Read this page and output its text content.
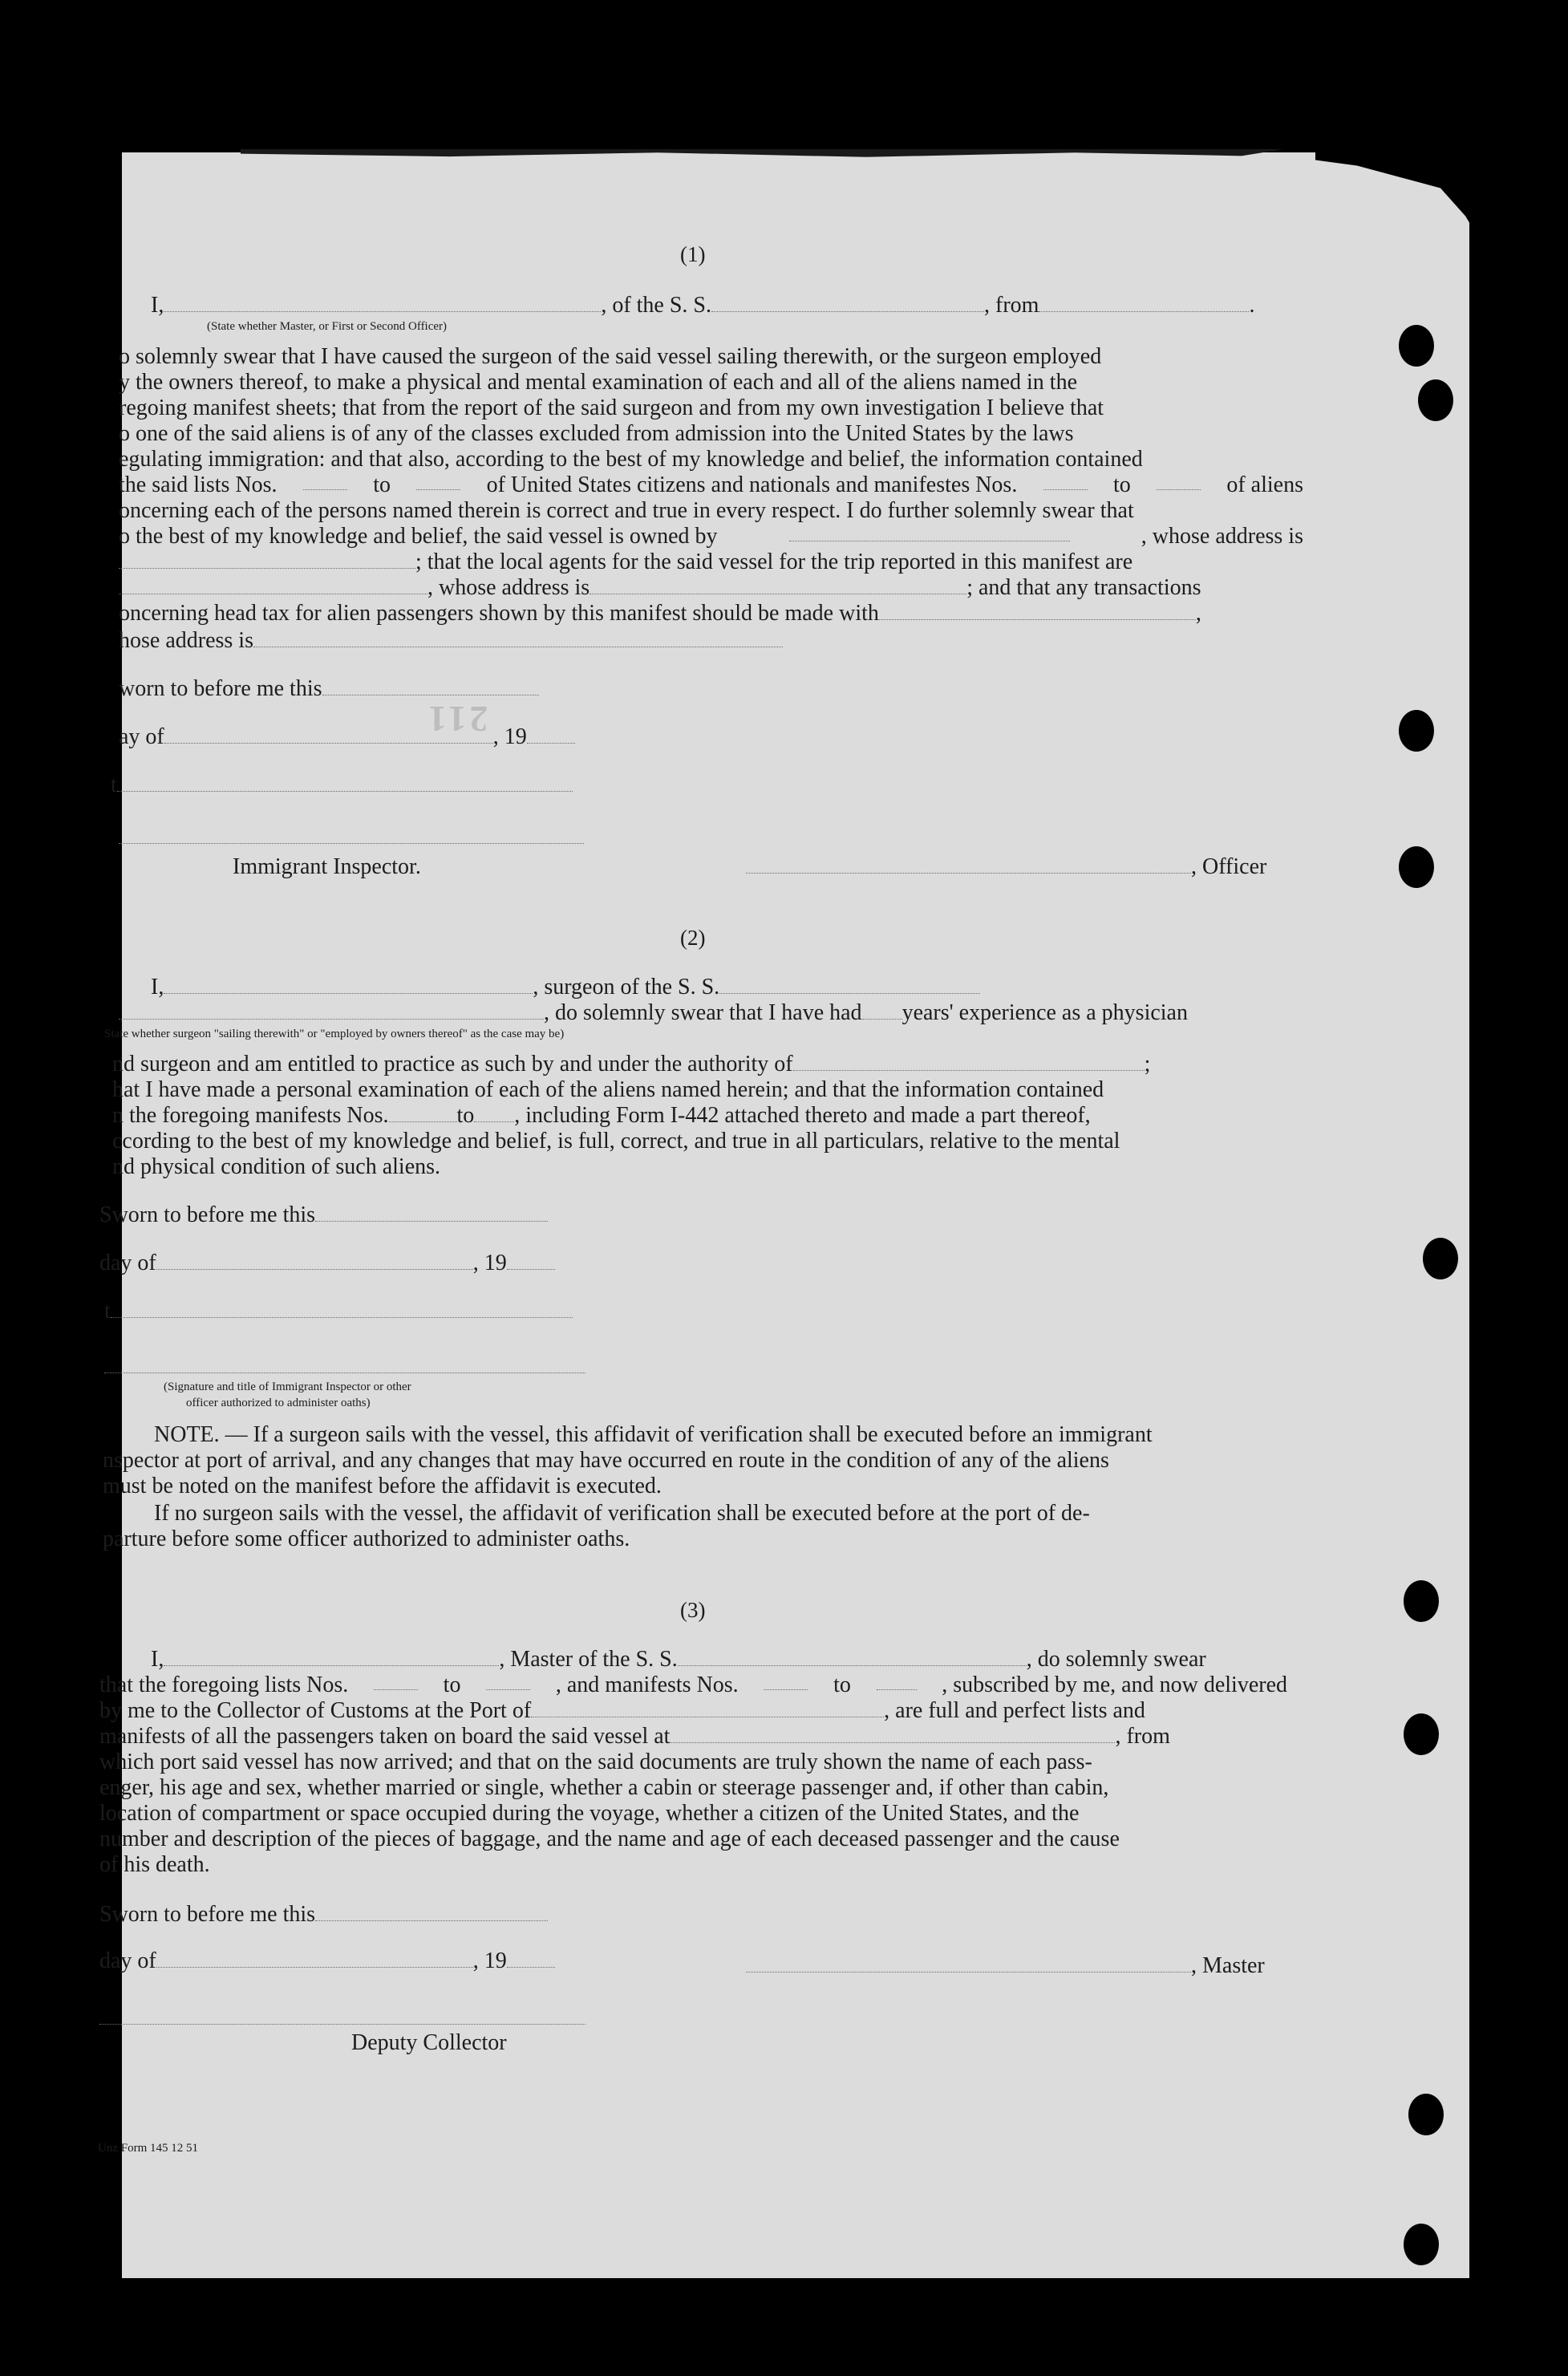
(1)
I,	, of the S. S.	, from	.
(State whether Master, or First or Second Officer)
o solemnly swear that I have caused the surgeon of the said vessel sailing therewith, or the surgeon employed
y the owners thereof, to make a physical and mental examination of each and all of the aliens named in the
regoing manifest sheets; that from the report of the said surgeon and from my own investigation I believe that
o one of the said aliens is of any of the classes excluded from admission into the United States by the laws
egulating immigration: and that also, according to the best of my knowledge and belief, the information contained
the said lists Nos.	to	of United States citizens and nationals and manifestes Nos.	to	of aliens
oncerning each of the persons named therein is correct and true in every respect. I do further solemnly swear that
o the best of my knowledge and belief, the said vessel is owned by	, whose address is
; that the local agents for the said vessel for the trip reported in this manifest are
, whose address is	; and that any transactions
oncerning head tax for alien passengers shown by this manifest should be made with	,
hose address is
211
worn to before me this
ay of	, 19
t
Immigrant Inspector.	, Officer
(2)
I,	, surgeon of the S. S.
, do solemnly swear that I have had years' experience as a physician
State whether surgeon "sailing therewith" or "employed by owners thereof" as the case may be)
nd surgeon and am entitled to practice as such by and under the authority of	;
hat I have made a personal examination of each of the aliens named herein; and that the information contained
n the foregoing manifests Nos.	to , including Form I-442 attached thereto and made a part thereof,
ccording to the best of my knowledge and belief, is full, correct, and true in all particulars, relative to the mental
nd physical condition of such aliens.
Sworn to before me this
day of	, 19
t
(Signature and title of Immigrant Inspector or other
officer authorized to administer oaths)
NOTE. — If a surgeon sails with the vessel, this affidavit of verification shall be executed before an immigrant
nspector at port of arrival, and any changes that may have occurred en route in the condition of any of the aliens
must be noted on the manifest before the affidavit is executed.
If no surgeon sails with the vessel, the affidavit of verification shall be executed before at the port of de-
parture before some officer authorized to administer oaths.
(3)
I,	, Master of the S. S.	, do solemnly swear
that the foregoing lists Nos.	to	, and manifests Nos.	to	, subscribed by me, and now delivered
by me to the Collector of Customs at the Port of	, are full and perfect lists and
manifests of all the passengers taken on board the said vessel at	, from
which port said vessel has now arrived; and that on the said documents are truly shown the name of each pass-
enger, his age and sex, whether married or single, whether a cabin or steerage passenger and, if other than cabin,
location of compartment or space occupied during the voyage, whether a citizen of the United States, and the
number and description of the pieces of baggage, and the name and age of each deceased passenger and the cause
of his death.
Sworn to before me this
day of	, 19	, Master
Deputy Collector
Unz Form 145 12 51
